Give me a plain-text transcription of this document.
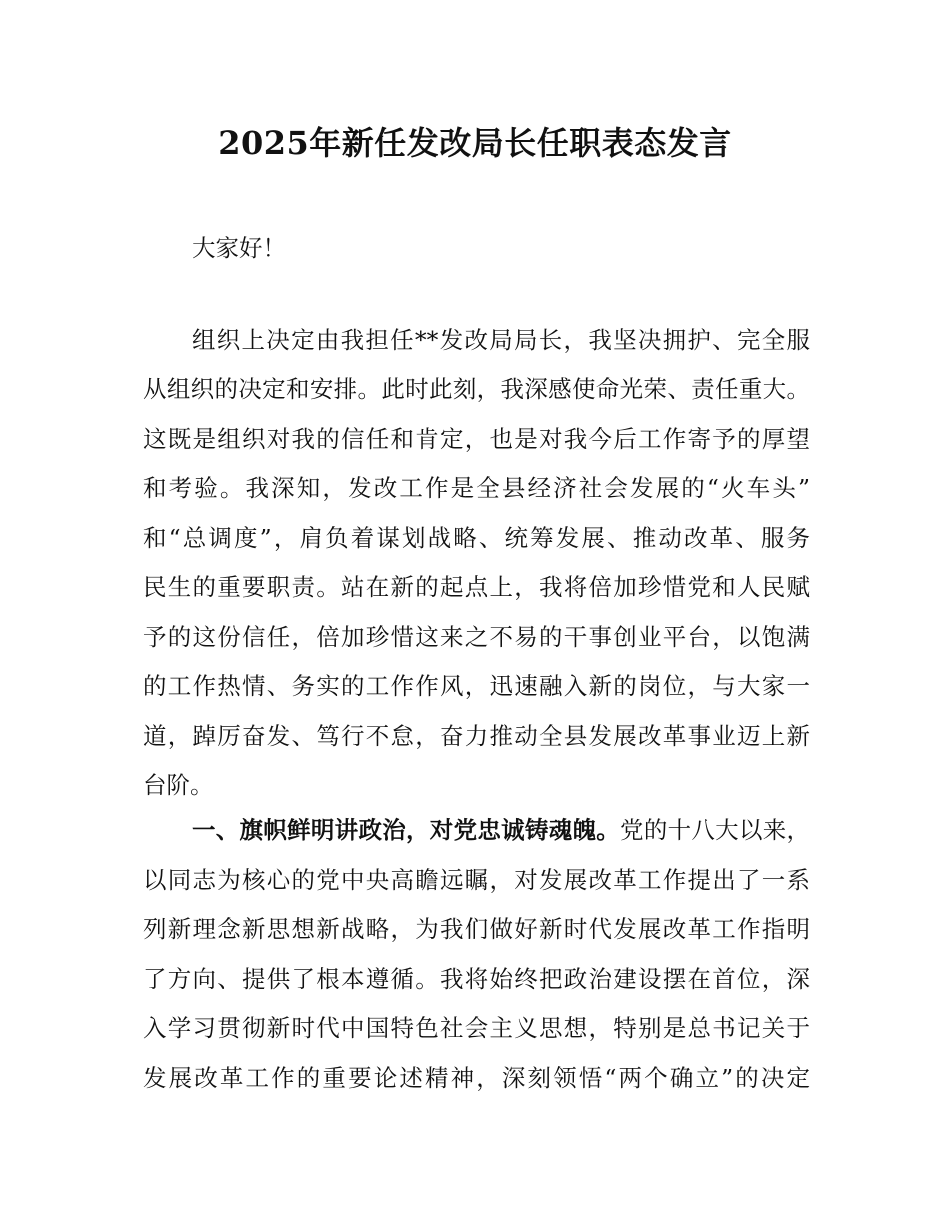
2025年新任发改局长任职表态发言
大家好！
组织上决定由我担任**发改局局长，我坚决拥护、完全服
从组织的决定和安排。此时此刻，我深感使命光荣、责任重大。
这既是组织对我的信任和肯定，也是对我今后工作寄予的厚望
和考验。我深知，发改工作是全县经济社会发展的“火车头”
和“总调度”，肩负着谋划战略、统筹发展、推动改革、服务
民生的重要职责。站在新的起点上，我将倍加珍惜党和人民赋
予的这份信任，倍加珍惜这来之不易的干事创业平台，以饱满
的工作热情、务实的工作作风，迅速融入新的岗位，与大家一
道，踔厉奋发、笃行不怠，奋力推动全县发展改革事业迈上新
台阶。
一、旗帜鲜明讲政治，对党忠诚铸魂魄。党的十八大以来，
以同志为核心的党中央高瞻远瞩，对发展改革工作提出了一系
列新理念新思想新战略，为我们做好新时代发展改革工作指明
了方向、提供了根本遵循。我将始终把政治建设摆在首位，深
入学习贯彻新时代中国特色社会主义思想，特别是总书记关于
发展改革工作的重要论述精神，深刻领悟“两个确立”的决定
